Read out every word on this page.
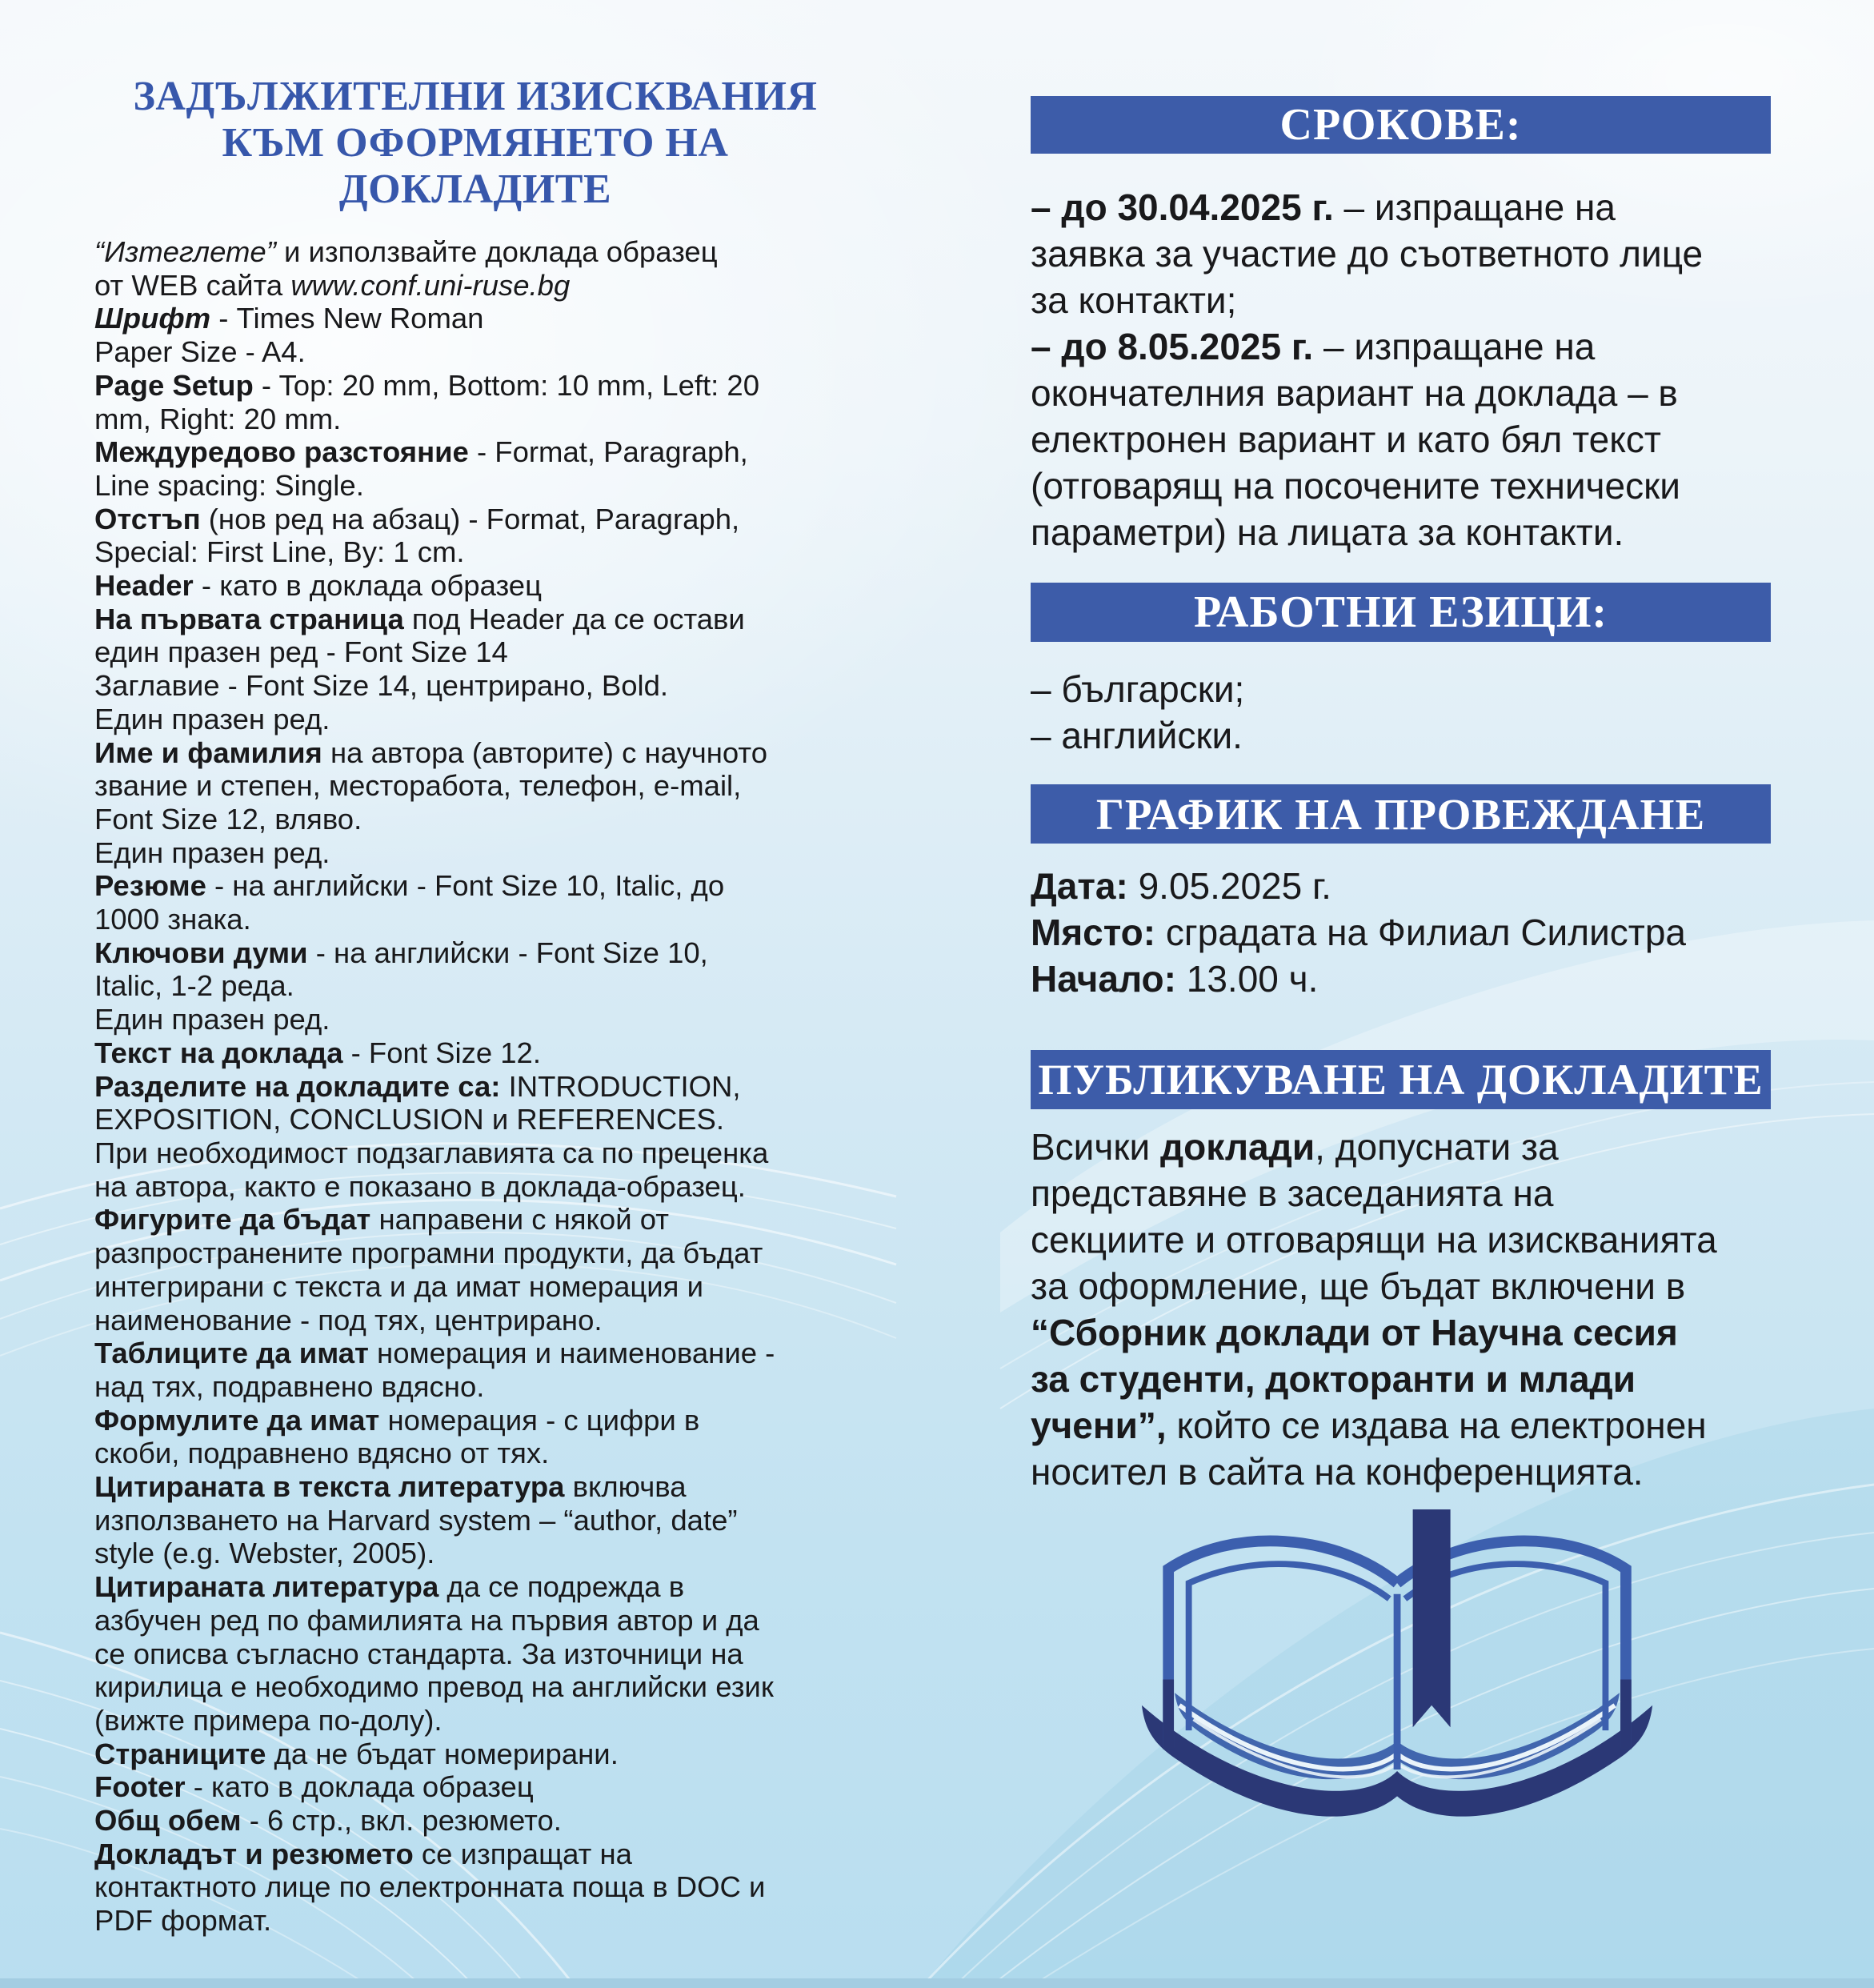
ЗАДЪЛЖИТЕЛНИ ИЗИСКВАНИЯ
КЪМ ОФОРМЯНЕТО НА ДОКЛАДИТЕ
“Изтеглете” и използвайте доклада образец
от WEB сайта www.conf.uni-ruse.bg
Шрифт - Times New Roman
Paper Size - A4.
Page Setup - Top: 20 mm, Bottom: 10 mm, Left: 20
mm, Right: 20 mm.
Междуредово разстояние - Format, Paragraph,
Line spacing: Single.
Отстъп (нов ред на абзац) - Format, Paragraph,
Special: First Line, By: 1 cm.
Header - като в доклада образец
На първата страница под Header да се остави
един празен ред - Font Size 14
Заглавие - Font Size 14, центрирано, Bold.
Един празен ред.
Име и фамилия на автора (авторите) с научното
звание и степен, месторабота, телефон, e-mail,
Font Size 12, вляво.
Един празен ред.
Резюме - на английски - Font Size 10, Italic, до
1000 знака.
Ключови думи - на английски - Font Size 10,
Italic, 1-2 реда.
Един празен ред.
Текст на доклада - Font Size 12.
Разделите на докладите са: INTRODUCTION,
EXPOSITION, CONCLUSION и REFERENCES.
При необходимост подзаглавията са по преценка
на автора, както е показано в доклада-образец.
Фигурите да бъдат направени с някой от
разпространените програмни продукти, да бъдат
интегрирани с текста и да имат номерация и
наименование - под тях, центрирано.
Таблиците да имат номерация и наименование -
над тях, подравнено вдясно.
Формулите да имат номерация - с цифри в
скоби, подравнено вдясно от тях.
Цитираната в текста литература включва
използването на Harvard system – “author, date”
style (e.g. Webster, 2005).
Цитираната литература да се подрежда в
азбучен ред по фамилията на първия автор и да
се описва съгласно стандарта. За източници на
кирилица е необходимо превод на английски език
(вижте примера по-долу).
Страниците да не бъдат номерирани.
Footer - като в доклада образец
Общ обем - 6 стр., вкл. резюмето.
Докладът и резюмето се изпращат на
контактното лице по електронната поща в DOC и
PDF формат.
СРОКОВЕ:
– до 30.04.2025 г. – изпращане на
заявка за участие до съответното лице
за контакти;
– до 8.05.2025 г. – изпращане на
окончателния вариант на доклада – в
електронен вариант и като бял текст
(отговарящ на посочените технически
параметри) на лицата за контакти.
РАБОТНИ ЕЗИЦИ:
– български;
– английски.
ГРАФИК НА ПРОВЕЖДАНЕ
Дата: 9.05.2025 г.
Място: сградата на Филиал Силистра
Начало: 13.00 ч.
ПУБЛИКУВАНЕ НА ДОКЛАДИТЕ
Всички доклади, допуснати за
представяне в заседанията на
секциите и отговарящи на изискванията
за оформление, ще бъдат включени в
“Сборник доклади от Научна сесия
за студенти, докторанти и млади
учени”, който се издава на електронен
носител в сайта на конференцията.
